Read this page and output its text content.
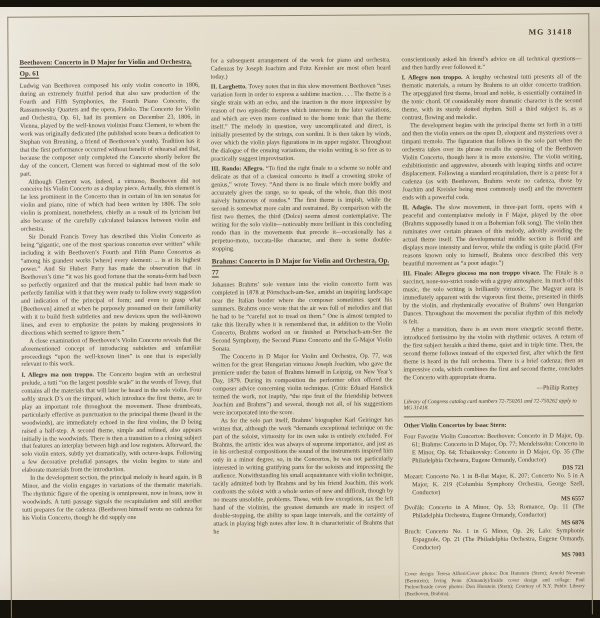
MG 31418
Beethoven: Concerto in D Major for Violin and Orchestra, Op. 61
Ludwig van Beethoven composed his only violin concerto in 1806, during an extremely fruitful period that also saw production of the Fourth and Fifth Symphonies, the Fourth Piano Concerto, the Rassumowsky Quartets and the opera, Fidelio. The Concerto for Violin and Orchestra, Op. 61, had its premiere on December 23, 1806, in Vienna, played by the well-known violinist Franz Clement, to whom the work was originally dedicated (the published score bears a dedication to Stephan von Breuning, a friend of Beethoven’s youth). Tradition has it that the first performance occurred without benefit of rehearsal and that, because the composer only completed the Concerto shortly before the day of the concert, Clement was forced to sightread most of the solo part.
Although Clement was, indeed, a virtuoso, Beethoven did not conceive his Violin Concerto as a display piece. Actually, this element is far less prominent in the Concerto than in certain of his ten sonatas for violin and piano, nine of which had been written by 1806. The solo violin is prominent, nonetheless, chiefly as a result of its lyricism but also because of the carefully calculated balances between violin and orchestra.
Sir Donald Francis Tovey has described this Violin Concerto as being “gigantic, one of the most spacious concertos ever written” while including it with Beethoven’s Fourth and Fifth Piano Concertos as “among his grandest works [where] every element: ... is at its highest power.” And Sir Hubert Parry has made the observation that in Beethoven’s time “it was his good fortune that the sonata-form had been so perfectly organized and that the musical public had been made so perfectly familiar with it that they were ready to follow every suggestion and indication of the principal of form; and even to grasp what [Beethoven] aimed at when he purposely presumed on their familiarity with it to build fresh subtleties and new devices upon the well-known lines, and even to emphasize the points by making progressions in directions which seemed to ignore them.”
A close examination of Beethoven’s Violin Concerto reveals that the aforementioned concept of introducing subtleties and unfamiliar proceedings “upon the well-known lines” is one that is especially relevant to this work.
I. Allegro ma non troppo. The Concerto begins with an orchestral prelude, a tutti “on the largest possible scale” in the words of Tovey, that contains all the materials that will later be heard in the solo violin. Four softly struck D’s on the timpani, which introduce the first theme, are to play an important role throughout the movement. These drumbeats, particularly effective as punctuation to the principal theme (heard in the woodwinds), are immediately echoed in the first violins, the D being raised a half-step. A second theme, simple and refined, also appears initially in the woodwinds. There is then a transition to a closing subject that features an interplay between high and low registers. Afterward, the solo violin enters, subtly yet dramatically, with octave-leaps. Following a few decorative preludial passages, the violin begins to state and elaborate materials from the introduction.
In the development section, the principal melody is heard again, in B Minor, and the violin engages in variations of the thematic materials. The rhythmic figure of the opening is omnipresent, now in brass, now in woodwinds. A tutti passage signals the recapitulation and still another tutti prepares for the cadenza. (Beethoven himself wrote no cadenza for his Violin Concerto, though he did supply one
for a subsequent arrangement of the work for piano and orchestra. Cadenzas by Joseph Joachim and Fritz Kreisler are most often heard today.)
II. Larghetto. Tovey notes that in this slow movement Beethoven “uses variation form in order to express a sublime inaction. . . . The theme is a single strain with an echo, and the inaction is the more impressive by reason of two episodic themes which intervene in the later variations, and which are even more confined to the home tonic than the theme itself.” The melody in question, very uncomplicated and direct, is initially presented by the strings, con sordini. It is then taken by winds, over which the violin plays figurations in its upper register. Throughout the dialogue of the ensuing variations, the violin writing is so free as to practically suggest improvisation.
III. Rondo: Allegro. “To find the right finale to a scheme so noble and delicate as that of a classical concerto is itself a crowning stroke of genius,” wrote Tovey. “And there is no finale which more boldly and accurately gives the range, so to speak, of the whole, than this most naively humorous of rondos.” The first theme is impish, while the second is somewhat more calm and restrained. By comparison with the first two themes, the third (Dolce) seems almost contemplative. The writing for the solo violin—noticeably more brilliant in this concluding rondo than in the movements that precede it—occasionally has a perpetuo-moto, toccata-like character, and there is some double-stopping.
Brahms: Concerto in D Major for Violin and Orchestra, Op. 77
Johannes Brahms’ sole venture into the violin concerto form was completed in 1878 at Pörtschach-am-See, amidst an inspiring landscape near the Italian border where the composer sometimes spent his summers. Brahms once wrote that the air was full of melodies and that he had to be “careful not to tread on them.” One is almost tempted to take this literally when it is remembered that, in addition to the Violin Concerto, Brahms worked on or finished at Pörtschach-am-See the Second Symphony, the Second Piano Concerto and the G-Major Violin Sonata.
The Concerto in D Major for Violin and Orchestra, Op. 77, was written for the great Hungarian virtuoso Joseph Joachim, who gave the premiere under the baton of Brahms himself in Leipzig, on New Year’s Day, 1879. During its composition the performer often offered the composer advice concerning violin technique. (Critic Eduard Hanslick termed the work, not inaptly, “the ripe fruit of the friendship between Joachim and Brahms”) and several, though not all, of his suggestions were incorporated into the score.
As for the solo part itself, Brahms’ biographer Karl Geiringer has written that, although the work “demands exceptional technique on the part of the soloist, virtuosity for its own sake is entirely excluded. For Brahms, the artistic idea was always of supreme importance, and just as in his orchestral compositions the sound of the instruments inspired him only in a minor degree, so, in the Concertos, he was not particularly interested in writing gratifying parts for the soloists and impressing the audience. Notwithstanding his small acquaintance with violin technique, tacitly admitted both by Brahms and by his friend Joachim, this work confronts the soloist with a whole series of new and difficult, though by no means unsoluble, problems. These, with few exceptions, tax the left hand of the violinist, the greatest demands are made in respect of double-stopping, the ability to span large intervals, and the certainty of attack in playing high notes after low. It is characteristic of Brahms that he
conscientiously asked his friend’s advice on all technical questions—and then hardly ever followed it.”
I. Allegro non troppo. A lengthy orchestral tutti presents all of the thematic materials, a return by Brahms to an older concerto tradition. The arpeggiated first theme, broad and noble, is essentially contained in the tonic chord. Of considerably more dramatic character is the second theme, with its sturdy dotted rhythm. Still a third subject is, as a contrast, flowing and melodic.
The development begins with the principal theme set forth in a tutti and then the violin enters on the open D, eloquent and mysterious over a timpani tremolo. The figuration that follows in the solo part when the orchestra takes over its phrase recalls the opening of the Beethoven Violin Concerto, though here it is more extensive. The violin writing, exhibitionistic and aggressive, abounds with leaping ninths and octave displacement. Following a standard recapitulation, there is a pause for a cadenza (as with Beethoven, Brahms wrote no cadenza, those by Joachim and Kreisler being most commonly used) and the movement ends with a powerful coda.
II. Adagio. The slow movement, in three-part form, opens with a peaceful and contemplative melody in F Major, played by the oboe (Brahms supposedly based it on a Bohemian folk song). The violin then ruminates over certain phrases of this melody, adroitly avoiding the actual theme itself. The developmental middle section is florid and displays more intensity and fervor, while the ending is quite placid. (For reasons known only to himself, Brahms once described this very beautiful movement as “a poor adagio.”)
III. Finale: Allegro giocoso ma non troppo vivace. The Finale is a succinct, none-too-strict rondo with a gypsy atmosphere. In much of this music, the solo writing is brilliantly virtuosic. The Magyar aura is immediately apparent with the vigorous first theme, presented in thirds by the violin, and rhythmically evocative of Brahms’ own Hungarian Dances. Throughout the movement the peculiar rhythm of this melody is felt.
After a transition, there is an even more energetic second theme, introduced fortissimo by the violin with rhythmic octaves. A return of the first subject heralds a third theme, quiet and in triple time. Then, the second theme follows instead of the expected first, after which the first theme is heard in the full orchestra. There is a brief cadenza; then an impressive coda, which combines the first and second theme, concludes the Concerto with appropriate drama.
—Phillip Ramey
Library of Congress catalog card numbers 72-750261 and 72-750262 apply to MG 31418.
Other Violin Concertos by Isaac Stern:
Four Favorite Violin Concertos: Beethoven: Concerto in D Major, Op. 61; Brahms: Concerto in D Major, Op. 77; Mendelssohn: Concerto in E Minor, Op. 64; Tchaikovsky: Concerto in D Major, Op. 35 (The Philadelphia Orchestra, Eugene Ormandy, Conductor)
D3S 721
Mozart: Concerto No. 1 in B-flat Major, K. 207; Concerto No. 5 in A Major, K. 219 (Columbia Symphony Orchestra, George Szell, Conductor)
MS 6557
Dvořák: Concerto in A Minor, Op. 53; Romance, Op. 11 (The Philadelphia Orchestra, Eugene Ormandy, Conductor)
MS 6876
Bruch: Concerto No. 1 in G Minor, Op. 26; Lalo: Symphonie Espagnole, Op. 21 (The Philadelphia Orchestra, Eugene Ormandy, Conductor)
MS 7003
Cover design: Teresa Alfieri/Cover photos: Don Hunstein (Stern); Arnold Newman (Bernstein); Irving Penn (Ormandy)/Inside cover design and collage: Paul Prelow/Inside cover photos: Don Hunstein (Stern); Courtesy of N.Y. Public Library (Beethoven, Brahms).
